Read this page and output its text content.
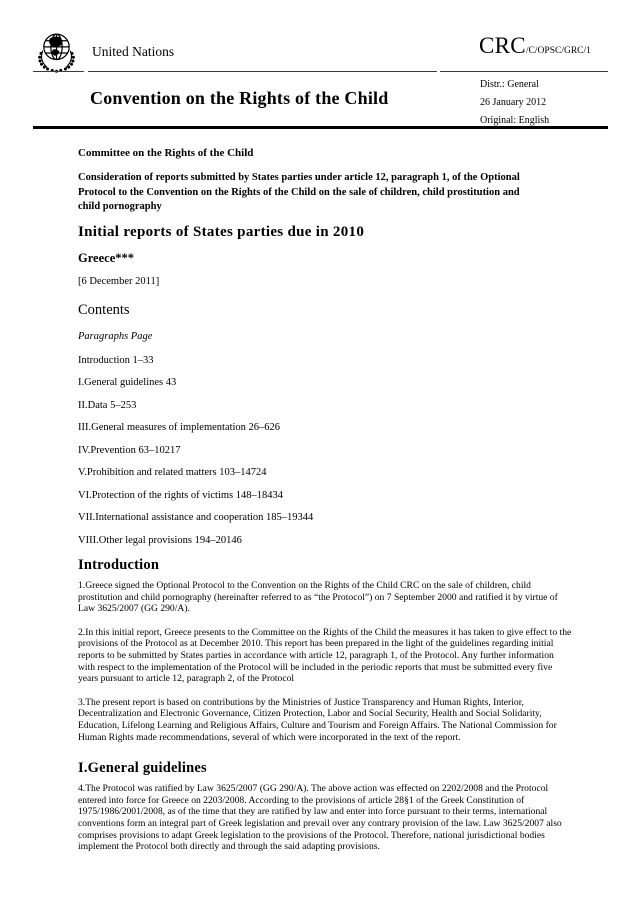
United Nations	CRC /C/OPSC/GRC/1
Convention on the Rights of the Child
Distr.: General
26 January 2012
Original: English
Committee on the Rights of the Child
Consideration of reports submitted by States parties under article 12, paragraph 1, of the Optional Protocol to the Convention on the Rights of the Child on the sale of children, child prostitution and child pornography
Initial reports of States parties due in 2010
Greece***
[6 December 2011]
Contents
Paragraphs Page
Introduction 1–33
I.General guidelines 43
II.Data 5–253
III.General measures of implementation 26–626
IV.Prevention 63–10217
V.Prohibition and related matters 103–14724
VI.Protection of the rights of victims 148–18434
VII.International assistance and cooperation 185–19344
VIII.Other legal provisions 194–20146
Introduction

1.Greece signed the Optional Protocol to the Convention on the Rights of the Child CRC on the sale of children, child prostitution and child pornography (hereinafter referred to as “the Protocol”) on 7 September 2000 and ratified it by virtue of Law 3625/2007 (GG 290/A).

2.In this initial report, Greece presents to the Committee on the Rights of the Child the measures it has taken to give effect to the provisions of the Protocol as at December 2010. This report has been prepared in the light of the guidelines regarding initial reports to be submitted by States parties in accordance with article 12, paragraph 1, of the Protocol. Any further information with respect to the implementation of the Protocol will be included in the periodic reports that must be submitted every five years pursuant to article 12, paragraph 2, of the Protocol

3.The present report is based on contributions by the Ministries of Justice Transparency and Human Rights, Interior, Decentralization and Electronic Governance, Citizen Protection, Labor and Social Security, Health and Social Solidarity, Education, Lifelong Learning and Religious Affairs, Culture and Tourism and Foreign Affairs. The National Commission for Human Rights made recommendations, several of which were incorporated in the text of the report.

I.General guidelines

4.The Protocol was ratified by Law 3625/2007 (GG 290/A). The above action was effected on 2202/2008 and the Protocol entered into force for Greece on 2203/2008. According to the provisions of article 28§1 of the Greek Constitution of 1975/1986/2001/2008, as of the time that they are ratified by law and enter into force pursuant to their terms, international conventions form an integral part of Greek legislation and prevail over any contrary provision of the law. Law 3625/2007 also comprises provisions to adapt Greek legislation to the provisions of the Protocol. Therefore, national jurisdictional bodies implement the Protocol both directly and through the said adapting provisions.
